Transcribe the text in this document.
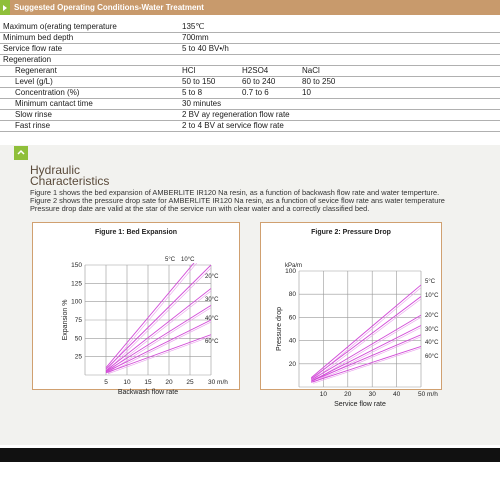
Suggested Operating Conditions-Water Treatment
Maximum o(erating temperature	135℃
Minimum bed depth	700mm
Service flow rate	5 to 40 BV•/h
Regeneration
Regenerant	HCl	H2SO4	NaCl
Level (g/L)	50 to 150	60 to 240	80 to 250
Concentration (%)	5 to 8	0.7 to 6	10
Minimum cantact time	30 minutes
Slow rinse	2 BV ay regeneration flow rate
Fast rinse	2 to 4 BV at service flow rate
Hydraulic
Characteristics
Figure 1 shows the bed expansion of AMBERLITE IR120 Na resin, as a function of backwash flow rate and water temperture.
Figure 2 shows the pressure drop sate for AMBERLITE IR120 Na resin, as a function of sevice flow rate ans water temperature
Pressure drop date are valid at the star of the service run with clear water and a correctly classified bed.
Figure 1: Bed Expansion
5 10 15 20 25 30 m/h
25
50
75
100
125
150
Backwash flow rate
Expansion %
5°C 10°C
20°C
30°C
40°C
60°C
Figure 2: Pressure Drop
10	20	30	40	50 m/h
20
40
60
80
100
Service flow rate
Pressure drop
kPa/m
5°C
10°C
20°C
30°C
40°C
60°C
